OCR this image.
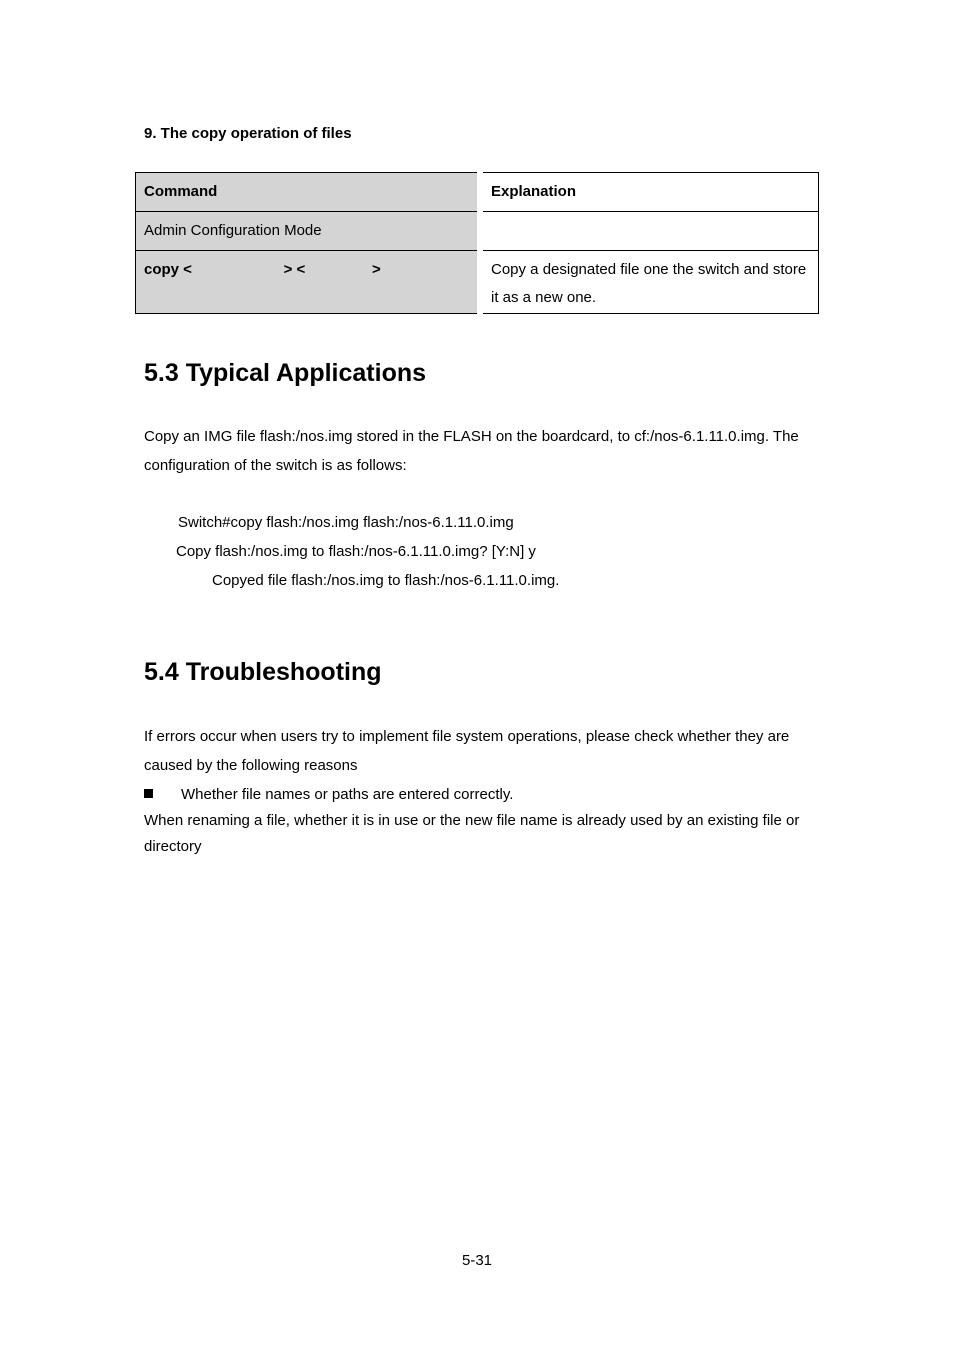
9. The copy operation of files
Command	Explanation
Admin Configuration Mode	
copy <                      > <                >	Copy a designated file one the switch and store it as a new one.
5.3 Typical Applications
Copy an IMG file flash:/nos.img stored in the FLASH on the boardcard, to cf:/nos-6.1.11.0.img. The configuration of the switch is as follows:
Switch#copy flash:/nos.img flash:/nos-6.1.11.0.img
Copy flash:/nos.img to flash:/nos-6.1.11.0.img? [Y:N] y
Copyed file flash:/nos.img to flash:/nos-6.1.11.0.img.
5.4 Troubleshooting
If errors occur when users try to implement file system operations, please check whether they are caused by the following reasons
Whether file names or paths are entered correctly.
When renaming a file, whether it is in use or the new file name is already used by an existing file or directory
5-31
